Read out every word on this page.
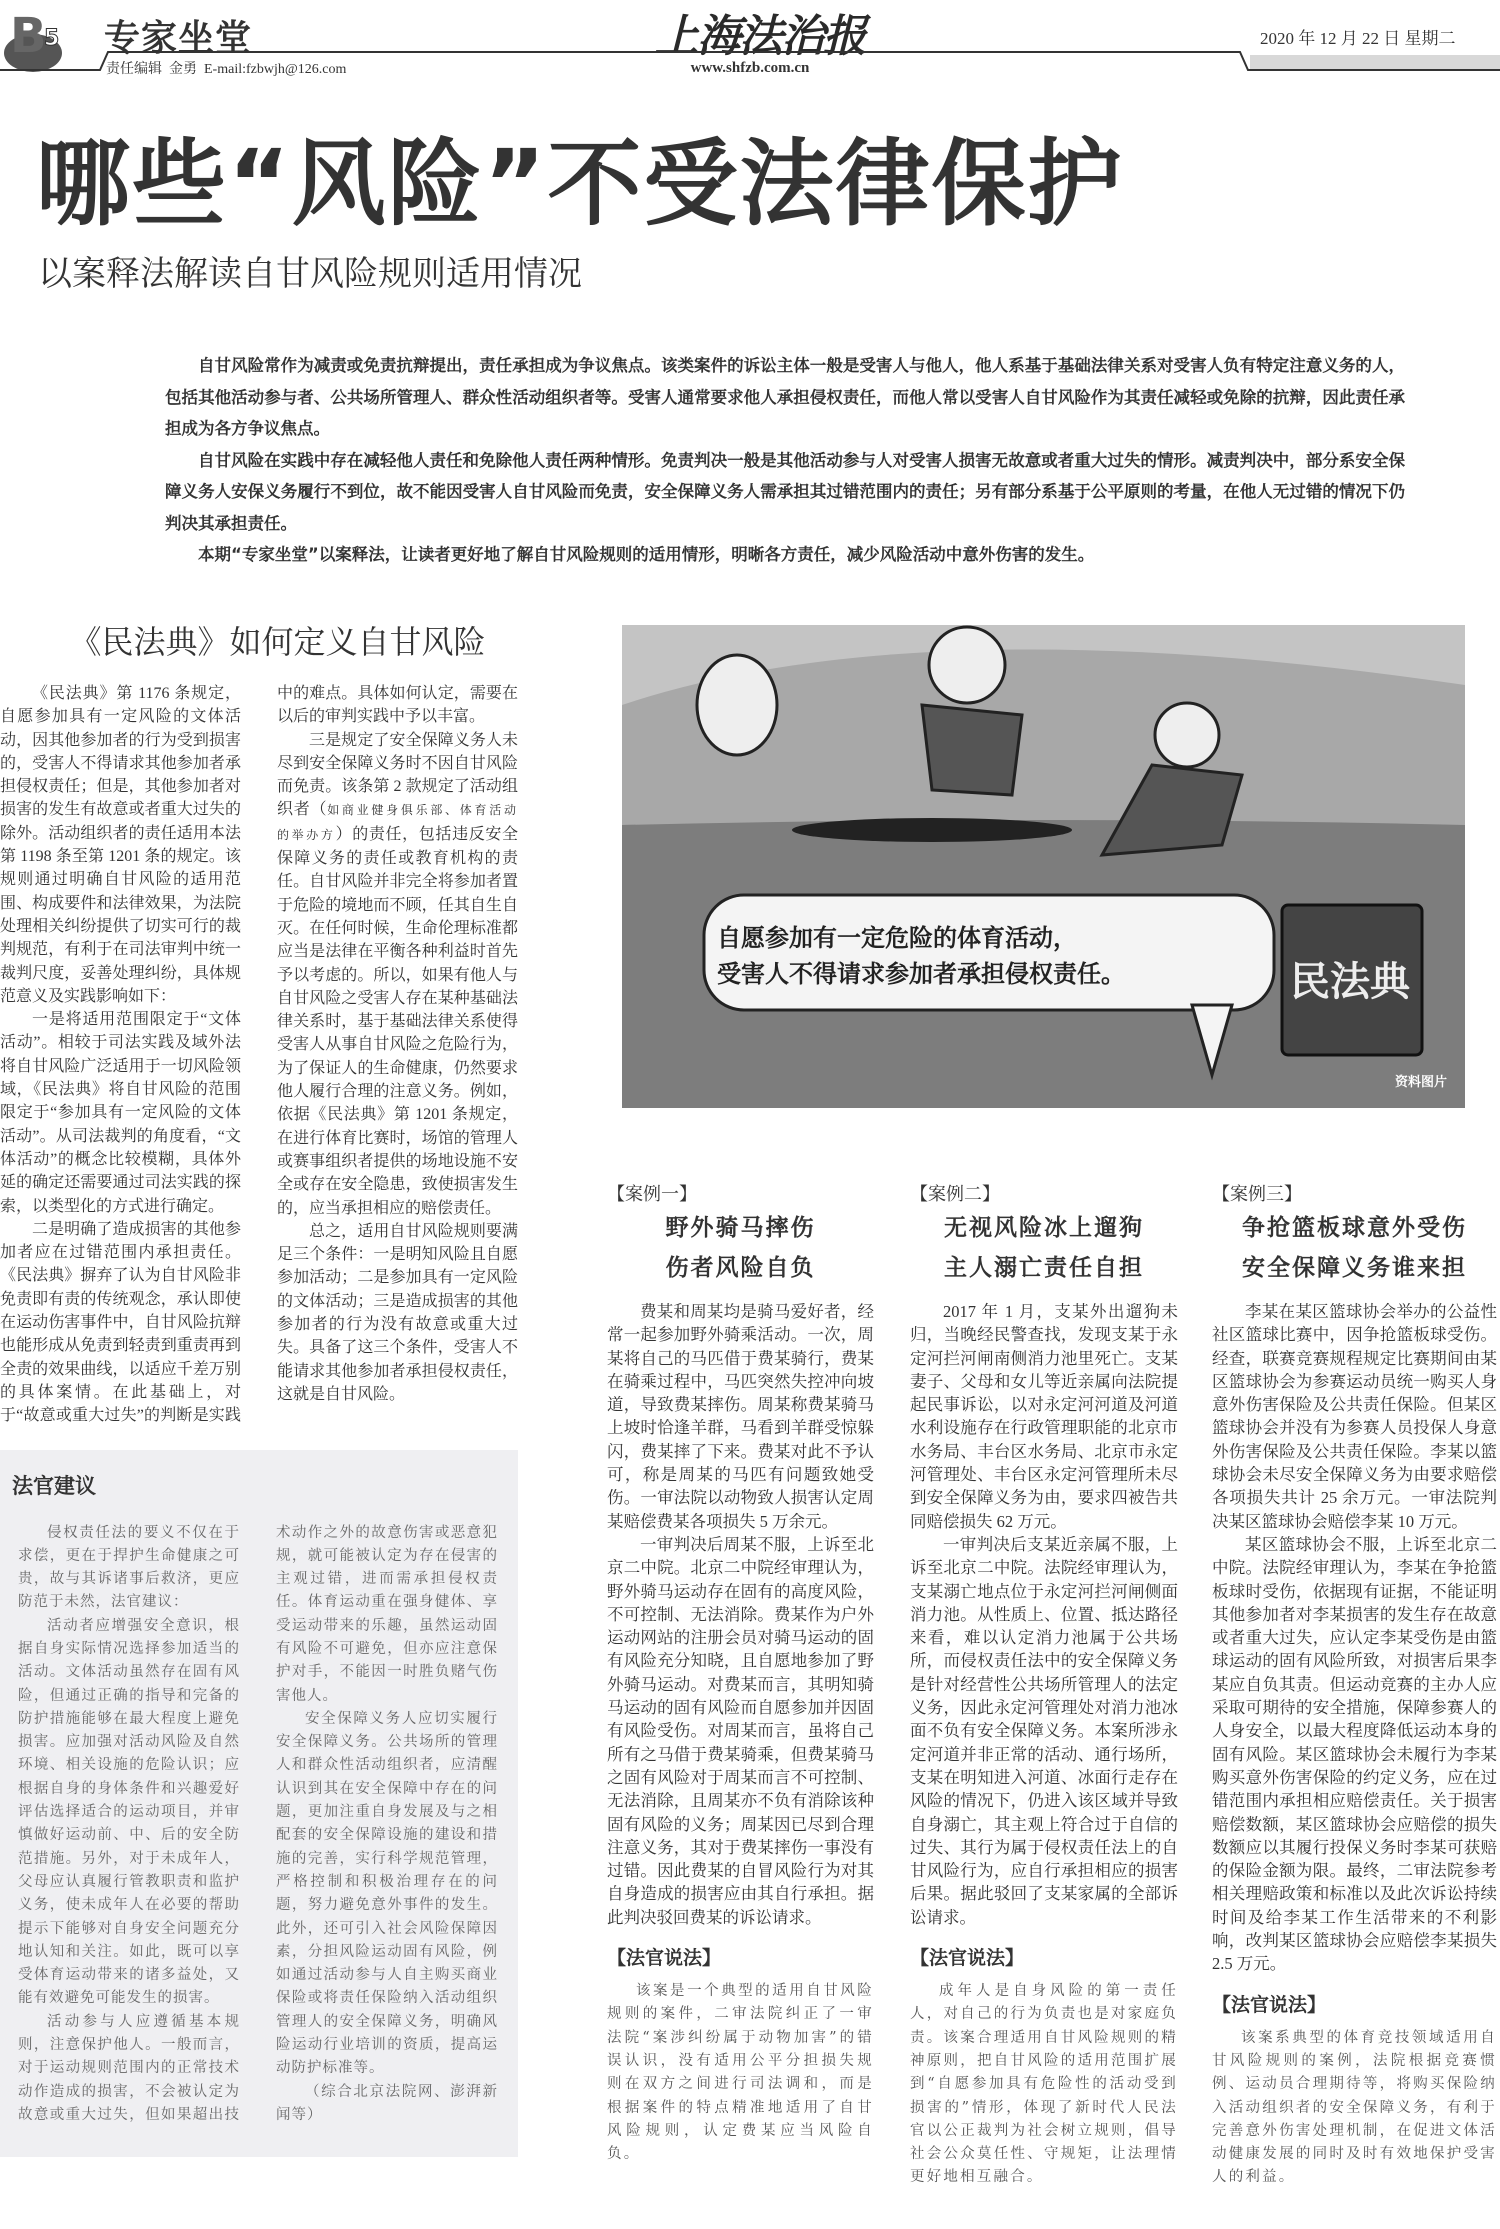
B
5 专家坐堂	上海法治报	2020 年 12 月 22 日 星期二
责任编辑  金勇  E-mail:fzbwjh@126.com	www.shfzb.com.cn
哪些“风险”不受法律保护
以案释法解读自甘风险规则适用情况

自甘风险常作为减责或免责抗辩提出，责任承担成为争议焦点。该类案件的诉讼主体一般是受害人与他人，他人系基于基础法律关系对受害人负有特定注意义务的人，包括其他活动参与者、公共场所管理人、群众性活动组织者等。受害人通常要求他人承担侵权责任，而他人常以受害人自甘风险作为其责任减轻或免除的抗辩，因此责任承担成为各方争议焦点。

自甘风险在实践中存在减轻他人责任和免除他人责任两种情形。免责判决一般是其他活动参与人对受害人损害无故意或者重大过失的情形。减责判决中，部分系安全保障义务人安保义务履行不到位，故不能因受害人自甘风险而免责，安全保障义务人需承担其过错范围内的责任；另有部分系基于公平原则的考量，在他人无过错的情况下仍判决其承担责任。

本期“专家坐堂”以案释法，让读者更好地了解自甘风险规则的适用情形，明晰各方责任，减少风险活动中意外伤害的发生。

《民法典》如何定义自甘风险

《民法典》第 1176 条规定，自愿参加具有一定风险的文体活动，因其他参加者的行为受到损害的，受害人不得请求其他参加者承担侵权责任；但是，其他参加者对损害的发生有故意或者重大过失的除外。活动组织者的责任适用本法第 1198 条至第 1201 条的规定。该规则通过明确自甘风险的适用范围、构成要件和法律效果，为法院处理相关纠纷提供了切实可行的裁判规范，有利于在司法审判中统一裁判尺度，妥善处理纠纷，具体规范意义及实践影响如下：

一是将适用范围限定于“文体活动”。相较于司法实践及域外法将自甘风险广泛适用于一切风险领域，《民法典》将自甘风险的范围限定于“参加具有一定风险的文体活动”。从司法裁判的角度看，“文体活动”的概念比较模糊，具体外延的确定还需要通过司法实践的探索，以类型化的方式进行确定。

二是明确了造成损害的其他参加者应在过错范围内承担责任。《民法典》摒弃了认为自甘风险非免责即有责的传统观念，承认即使在运动伤害事件中，自甘风险抗辩也能形成从免责到轻责到重责再到全责的效果曲线，以适应千差万别的具体案情。在此基础上，对于“故意或重大过失”的判断是实践中的难点。具体如何认定，需要在以后的审判实践中予以丰富。

三是规定了安全保障义务人未尽到安全保障义务时不因自甘风险而免责。该条第 2 款规定了活动组织者（如商业健身俱乐部、体育活动的举办方）的责任，包括违反安全保障义务的责任或教育机构的责任。自甘风险并非完全将参加者置于危险的境地而不顾，任其自生自灭。在任何时候，生命伦理标准都应当是法律在平衡各种利益时首先予以考虑的。所以，如果有他人与自甘风险之受害人存在某种基础法律关系时，基于基础法律关系使得受害人从事自甘风险之危险行为，为了保证人的生命健康，仍然要求他人履行合理的注意义务。例如，依据《民法典》第 1201 条规定，在进行体育比赛时，场馆的管理人或赛事组织者提供的场地设施不安全或存在安全隐患，致使损害发生的，应当承担相应的赔偿责任。

总之，适用自甘风险规则要满足三个条件：一是明知风险且自愿参加活动；二是参加具有一定风险的文体活动；三是造成损害的其他参加者的行为没有故意或重大过失。具备了这三个条件，受害人不能请求其他参加者承担侵权责任，这就是自甘风险。

法官建议

侵权责任法的要义不仅在于求偿，更在于捍护生命健康之可贵，故与其诉诸事后救济，更应防范于未然，法官建议：

活动者应增强安全意识，根据自身实际情况选择参加适当的活动。文体活动虽然存在固有风险，但通过正确的指导和完备的防护措施能够在最大程度上避免损害。应加强对活动风险及自然环境、相关设施的危险认识；应根据自身的身体条件和兴趣爱好评估选择适合的运动项目，并审慎做好运动前、中、后的安全防范措施。另外，对于未成年人，父母应认真履行管教职责和监护义务，使未成年人在必要的帮助提示下能够对自身安全问题充分地认知和关注。如此，既可以享受体育运动带来的诸多益处，又能有效避免可能发生的损害。

活动参与人应遵循基本规则，注意保护他人。一般而言，对于运动规则范围内的正常技术动作造成的损害，不会被认定为故意或重大过失，但如果超出技术动作之外的故意伤害或恶意犯规，就可能被认定为存在侵害的主观过错，进而需承担侵权责任。体育运动重在强身健体、享受运动带来的乐趣，虽然运动固有风险不可避免，但亦应注意保护对手，不能因一时胜负赌气伤害他人。

安全保障义务人应切实履行安全保障义务。公共场所的管理人和群众性活动组织者，应清醒认识到其在安全保障中存在的问题，更加注重自身发展及与之相配套的安全保障设施的建设和措施的完善，实行科学规范管理，严格控制和积极治理存在的问题，努力避免意外事件的发生。此外，还可引入社会风险保障因素，分担风险运动固有风险，例如通过活动参与人自主购买商业保险或将责任保险纳入活动组织管理人的安全保障义务，明确风险运动行业培训的资质，提高运动防护标准等。

（综合北京法院网、澎湃新闻等）

民法典
自愿参加有一定危险的体育活动，
受害人不得请求参加者承担侵权责任。
资料图片
【案例一】
野外骑马摔伤
伤者风险自负

费某和周某均是骑马爱好者，经常一起参加野外骑乘活动。一次，周某将自己的马匹借于费某骑行，费某在骑乘过程中，马匹突然失控冲向坡道，导致费某摔伤。周某称费某骑马上坡时恰逢羊群，马看到羊群受惊躲闪，费某摔了下来。费某对此不予认可，称是周某的马匹有问题致她受伤。一审法院以动物致人损害认定周某赔偿费某各项损失 5 万余元。

一审判决后周某不服，上诉至北京二中院。北京二中院经审理认为，野外骑马运动存在固有的高度风险，不可控制、无法消除。费某作为户外运动网站的注册会员对骑马运动的固有风险充分知晓，且自愿地参加了野外骑马运动。对费某而言，其明知骑马运动的固有风险而自愿参加并因固有风险受伤。对周某而言，虽将自己所有之马借于费某骑乘，但费某骑马之固有风险对于周某而言不可控制、无法消除，且周某亦不负有消除该种固有风险的义务；周某因已尽到合理注意义务，其对于费某摔伤一事没有过错。因此费某的自冒风险行为对其自身造成的损害应由其自行承担。据此判决驳回费某的诉讼请求。

【法官说法】

该案是一个典型的适用自甘风险规则的案件，二审法院纠正了一审法院“案涉纠纷属于动物加害”的错误认识，没有适用公平分担损失规则在双方之间进行司法调和，而是根据案件的特点精准地适用了自甘风险规则，认定费某应当风险自负。

【案例二】
无视风险冰上遛狗
主人溺亡责任自担

2017 年 1 月，支某外出遛狗未归，当晚经民警查找，发现支某于永定河拦河闸南侧消力池里死亡。支某妻子、父母和女儿等近亲属向法院提起民事诉讼，以对永定河河道及河道水利设施存在行政管理职能的北京市水务局、丰台区水务局、北京市永定河管理处、丰台区永定河管理所未尽到安全保障义务为由，要求四被告共同赔偿损失 62 万元。

一审判决后支某近亲属不服，上诉至北京二中院。法院经审理认为，支某溺亡地点位于永定河拦河闸侧面消力池。从性质上、位置、抵达路径来看，难以认定消力池属于公共场所，而侵权责任法中的安全保障义务是针对经营性公共场所管理人的法定义务，因此永定河管理处对消力池冰面不负有安全保障义务。本案所涉永定河道并非正常的活动、通行场所，支某在明知进入河道、冰面行走存在风险的情况下，仍进入该区域并导致自身溺亡，其主观上符合过于自信的过失、其行为属于侵权责任法上的自甘风险行为，应自行承担相应的损害后果。据此驳回了支某家属的全部诉讼请求。

【法官说法】

成年人是自身风险的第一责任人，对自己的行为负责也是对家庭负责。该案合理适用自甘风险规则的精神原则，把自甘风险的适用范围扩展到“自愿参加具有危险性的活动受到损害的”情形，体现了新时代人民法官以公正裁判为社会树立规则，倡导社会公众莫任性、守规矩，让法理情更好地相互融合。

【案例三】
争抢篮板球意外受伤
安全保障义务谁来担

李某在某区篮球协会举办的公益性社区篮球比赛中，因争抢篮板球受伤。经查，联赛竞赛规程规定比赛期间由某区篮球协会为参赛运动员统一购买人身意外伤害保险及公共责任保险。但某区篮球协会并没有为参赛人员投保人身意外伤害保险及公共责任保险。李某以篮球协会未尽安全保障义务为由要求赔偿各项损失共计 25 余万元。一审法院判决某区篮球协会赔偿李某 10 万元。

某区篮球协会不服，上诉至北京二中院。法院经审理认为，李某在争抢篮板球时受伤，依据现有证据，不能证明其他参加者对李某损害的发生存在故意或者重大过失，应认定李某受伤是由篮球运动的固有风险所致，对损害后果李某应自负其责。但运动竞赛的主办人应采取可期待的安全措施，保障参赛人的人身安全，以最大程度降低运动本身的固有风险。某区篮球协会未履行为李某购买意外伤害保险的约定义务，应在过错范围内承担相应赔偿责任。关于损害赔偿数额，某区篮球协会应赔偿的损失数额应以其履行投保义务时李某可获赔的保险金额为限。最终，二审法院参考相关理赔政策和标准以及此次诉讼持续时间及给李某工作生活带来的不利影响，改判某区篮球协会应赔偿李某损失 2.5 万元。

【法官说法】

该案系典型的体育竞技领域适用自甘风险规则的案例，法院根据竞赛惯例、运动员合理期待等，将购买保险纳入活动组织者的安全保障义务，有利于完善意外伤害处理机制，在促进文体活动健康发展的同时及时有效地保护受害人的利益。
